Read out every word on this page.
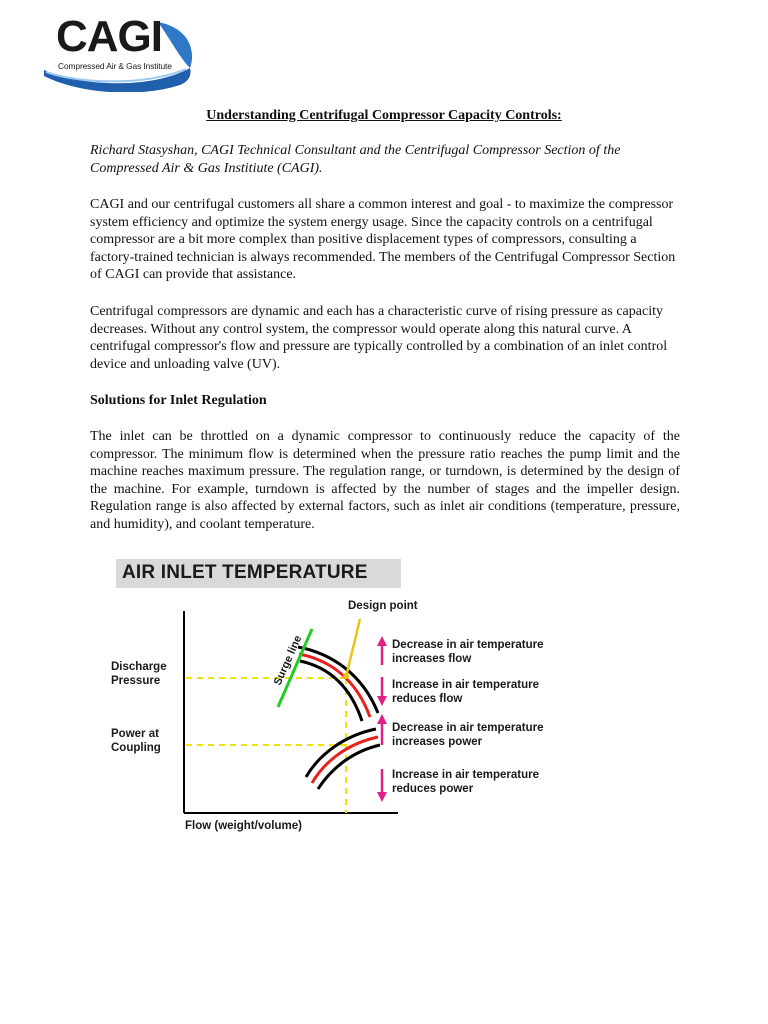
CAGI
Compressed Air & Gas Institute
Understanding Centrifugal Compressor Capacity Controls:

Richard Stasyshan, CAGI Technical Consultant and the Centrifugal Compressor Section of the Compressed Air & Gas Institiute (CAGI).

CAGI and our centrifugal customers all share a common interest and goal - to maximize the compressor system efficiency and optimize the system energy usage. Since the capacity controls on a centrifugal compressor are a bit more complex than positive displacement types of compressors, consulting a factory-trained technician is always recommended. The members of the Centrifugal Compressor Section of CAGI can provide that assistance.

Centrifugal compressors are dynamic and each has a characteristic curve of rising pressure as capacity decreases. Without any control system, the compressor would operate along this natural curve. A centrifugal compressor's flow and pressure are typically controlled by a combination of an inlet control device and unloading valve (UV).

Solutions for Inlet Regulation

The inlet can be throttled on a dynamic compressor to continuously reduce the capacity of the compressor. The minimum flow is determined when the pressure ratio reaches the pump limit and the machine reaches maximum pressure. The regulation range, or turndown, is determined by the design of the machine. For example, turndown is affected by the number of stages and the impeller design. Regulation range is also affected by external factors, such as inlet air conditions (temperature, pressure, and humidity), and coolant temperature.

AIR INLET TEMPERATURE
Surge line
Design point
Discharge Pressure
Power at Coupling
Flow (weight/volume)
Decrease in air temperature
increases flow
Increase in air temperature
reduces flow
Decrease in air temperature
increases power
Increase in air temperature
reduces power
